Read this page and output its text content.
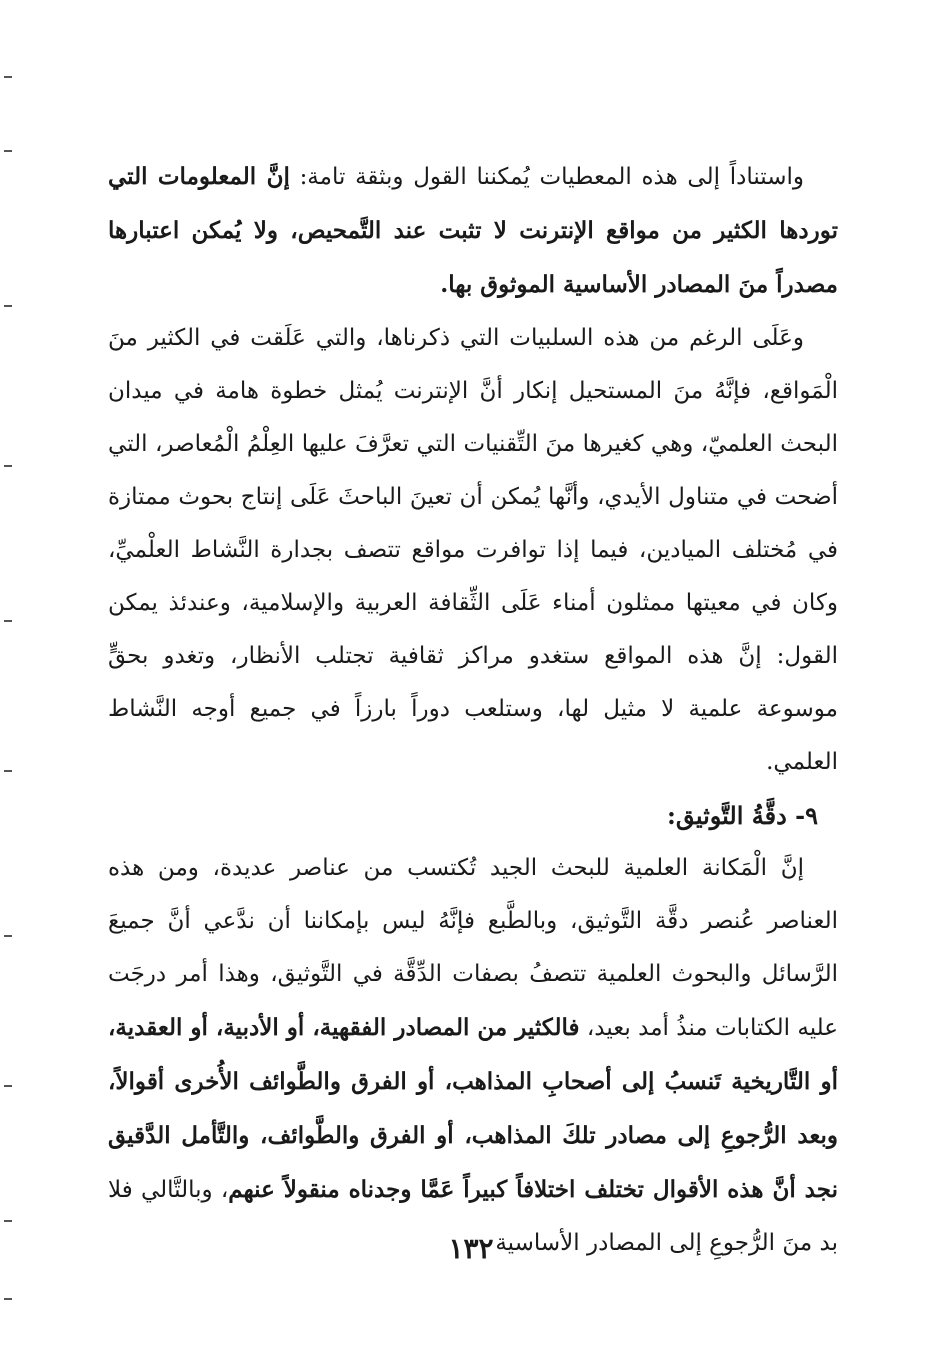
واستناداً إلى هذه المعطيات يُمكننا القول وبثقة تامة: إنَّ المعلومات التي توردها الكثير من مواقع الإنترنت لا تثبت عند التَّمحيص، ولا يُمكن اعتبارها مصدراً منَ المصادر الأساسية الموثوق بها.

وعَلَى الرغم من هذه السلبيات التي ذكرناها، والتي عَلَقت في الكثير منَ الْمَواقع، فإنَّهُ منَ المستحيل إنكار أنَّ الإنترنت يُمثل خطوة هامة في ميدان البحث العلميّ، وهي كغيرها منَ التِّقنيات التي تعرَّفَ عليها العِلْمُ الْمُعاصر، التي أضحت في متناول الأيدي، وأنَّها يُمكن أن تعينَ الباحثَ عَلَى إنتاج بحوث ممتازة في مُختلف الميادين، فيما إذا توافرت مواقع تتصف بجدارة النَّشاط العلْميِّ، وكان في معيتها ممثلون أمناء عَلَى الثِّقافة العربية والإسلامية، وعندئذ يمكن القول: إنَّ هذه المواقع ستغدو مراكز ثقافية تجتلب الأنظار، وتغدو بحقٍّ موسوعة علمية لا مثيل لها، وستلعب دوراً بارزاً في جميع أوجه النَّشاط العلمي.

٩- دقَّةُ التَّوثيق:

إنَّ الْمَكانة العلمية للبحث الجيد تُكتسب من عناصر عديدة، ومن هذه العناصر عُنصر دقَّة التَّوثيق، وبالطَّبع فإنَّهُ ليس بإمكاننا أن ندَّعي أنَّ جميعَ الرَّسائل والبحوث العلمية تتصفُ بصفات الدِّقَّة في التَّوثيق، وهذا أمر درجَت عليه الكتابات منذُ أمد بعيد، فالكثير من المصادر الفقهية، أو الأدبية، أو العقدية، أو التَّاريخية تَنسبُ إلى أصحابِ المذاهب، أو الفرق والطَّوائف الأُخرى أقوالاً، وبعد الرُّجوعِ إلى مصادر تلكَ المذاهب، أو الفرق والطَّوائف، والتَّأمل الدَّقيق نجد أنَّ هذه الأقوال تختلف اختلافاً كبيراً عَمَّا وجدناه منقولاً عنهم، وبالتَّالي فلا بد منَ الرُّجوعِ إلى المصادر الأساسية

١٣٢
